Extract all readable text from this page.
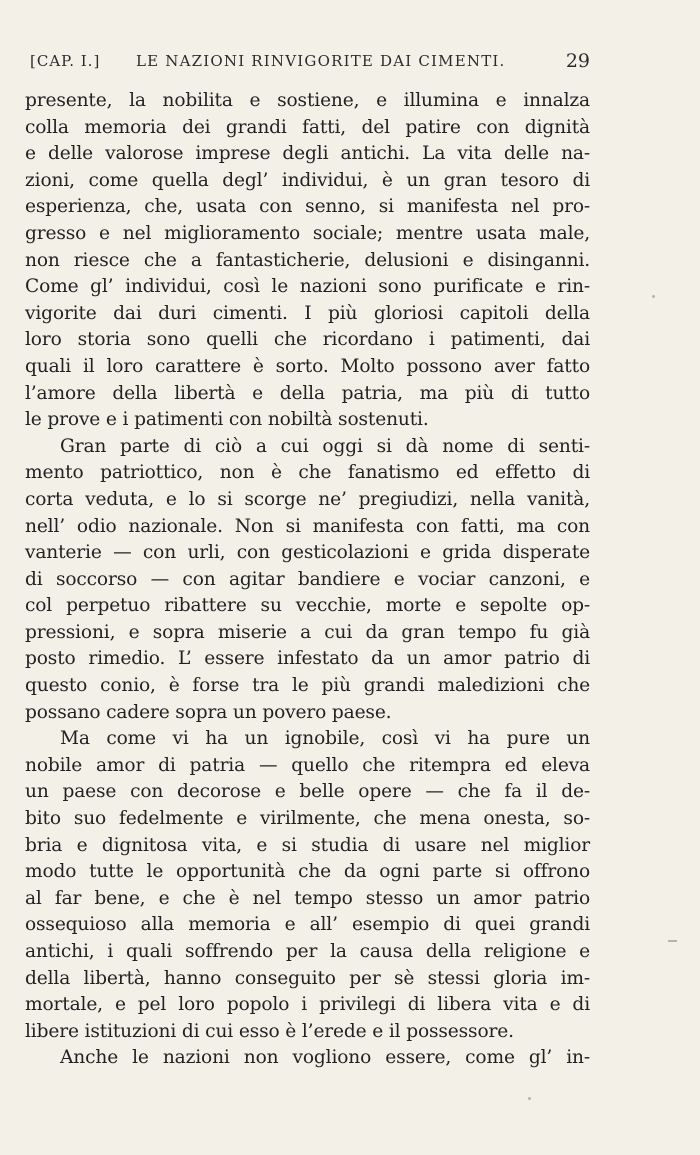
[CAP. I.] LE NAZIONI RINVIGORITE DAI CIMENTI.	29
presente, la nobilita e sostiene, e illumina e innalza
colla memoria dei grandi fatti, del patire con dignità
e delle valorose imprese degli antichi. La vita delle na-
zioni, come quella degl’ individui, è un gran tesoro di
esperienza, che, usata con senno, si manifesta nel pro-
gresso e nel miglioramento sociale; mentre usata male,
non riesce che a fantasticherie, delusioni e disinganni.
Come gl’ individui, così le nazioni sono purificate e rin-
vigorite dai duri cimenti. I più gloriosi capitoli della
loro storia sono quelli che ricordano i patimenti, dai
quali il loro carattere è sorto. Molto possono aver fatto
l’amore della libertà e della patria, ma più di tutto
le prove e i patimenti con nobiltà sostenuti.
Gran parte di ciò a cui oggi si dà nome di senti-
mento patriottico, non è che fanatismo ed effetto di
corta veduta, e lo si scorge ne’ pregiudizi, nella vanità,
nell’ odio nazionale. Non si manifesta con fatti, ma con
vanterie — con urli, con gesticolazioni e grida disperate
di soccorso — con agitar bandiere e vociar canzoni, e
col perpetuo ribattere su vecchie, morte e sepolte op-
pressioni, e sopra miserie a cui da gran tempo fu già
posto rimedio. L’ essere infestato da un amor patrio di
questo conio, è forse tra le più grandi maledizioni che
possano cadere sopra un povero paese.
Ma come vi ha un ignobile, così vi ha pure un
nobile amor di patria — quello che ritempra ed eleva
un paese con decorose e belle opere — che fa il de-
bito suo fedelmente e virilmente, che mena onesta, so-
bria e dignitosa vita, e si studia di usare nel miglior
modo tutte le opportunità che da ogni parte si offrono
al far bene, e che è nel tempo stesso un amor patrio
ossequioso alla memoria e all’ esempio di quei grandi
antichi, i quali soffrendo per la causa della religione e
della libertà, hanno conseguito per sè stessi gloria im-
mortale, e pel loro popolo i privilegi di libera vita e di
libere istituzioni di cui esso è l’erede e il possessore.
Anche le nazioni non vogliono essere, come gl’ in-
